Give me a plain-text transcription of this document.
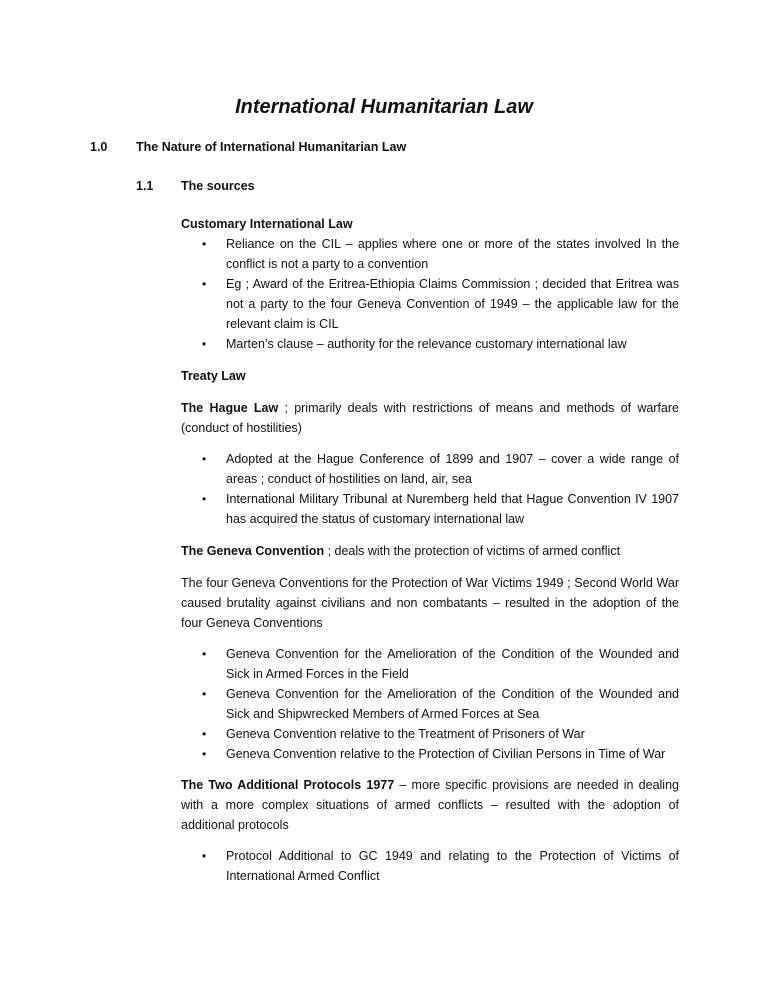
International Humanitarian Law
1.0 The Nature of International Humanitarian Law
1.1 The sources
Customary International Law
• Reliance on the CIL – applies where one or more of the states involved In the conflict is not a party to a convention
• Eg ; Award of the Eritrea-Ethiopia Claims Commission ; decided that Eritrea was not a party to the four Geneva Convention of 1949 – the applicable law for the relevant claim is CIL
• Marten’s clause – authority for the relevance customary international law
Treaty Law
The Hague Law ; primarily deals with restrictions of means and methods of warfare (conduct of hostilities)
• Adopted at the Hague Conference of 1899 and 1907 – cover a wide range of areas ; conduct of hostilities on land, air, sea
• International Military Tribunal at Nuremberg held that Hague Convention IV 1907 has acquired the status of customary international law
The Geneva Convention ; deals with the protection of victims of armed conflict
The four Geneva Conventions for the Protection of War Victims 1949 ; Second World War caused brutality against civilians and non combatants – resulted in the adoption of the four Geneva Conventions
• Geneva Convention for the Amelioration of the Condition of the Wounded and Sick in Armed Forces in the Field
• Geneva Convention for the Amelioration of the Condition of the Wounded and Sick and Shipwrecked Members of Armed Forces at Sea
• Geneva Convention relative to the Treatment of Prisoners of War
• Geneva Convention relative to the Protection of Civilian Persons in Time of War
The Two Additional Protocols 1977 – more specific provisions are needed in dealing with a more complex situations of armed conflicts – resulted with the adoption of additional protocols
• Protocol Additional to GC 1949 and relating to the Protection of Victims of International Armed Conflict
